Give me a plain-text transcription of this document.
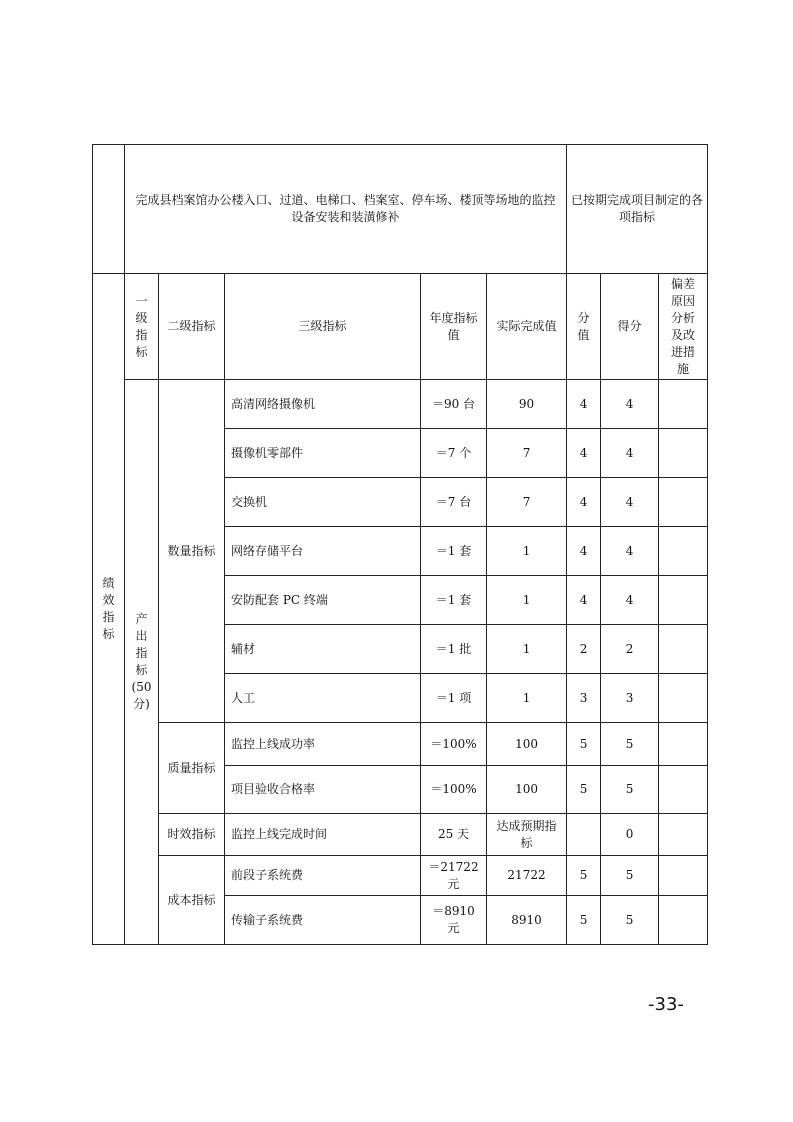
	完成县档案馆办公楼入口、过道、电梯口、档案室、停车场、楼顶等场地的监控设备安装和装潢修补					已按期完成项目制定的各项指标		

绩效指标	一级指标	二级指标	三级指标	年度指标值	实际完成值	分值	得分	偏差原因分析及改进措施

	产出指标(50分)	数量指标	高清网络摄像机	＝90 台	90	4	4	
			摄像机零部件	＝7 个	7	4	4	
			交换机	＝7 台	7	4	4	
			网络存储平台	＝1 套	1	4	4	
			安防配套 PC 终端	＝1 套	1	4	4	
			辅材	＝1 批	1	2	2	
			人工	＝1 项	1	3	3	
		质量指标	监控上线成功率	＝100%	100	5	5	
			项目验收合格率	＝100%	100	5	5	
		时效指标	监控上线完成时间	25 天	达成预期指标		0	
		成本指标	前段子系统费	＝21722 元	21722	5	5	
			传输子系统费	＝8910 元	8910	5	5	
-33-
